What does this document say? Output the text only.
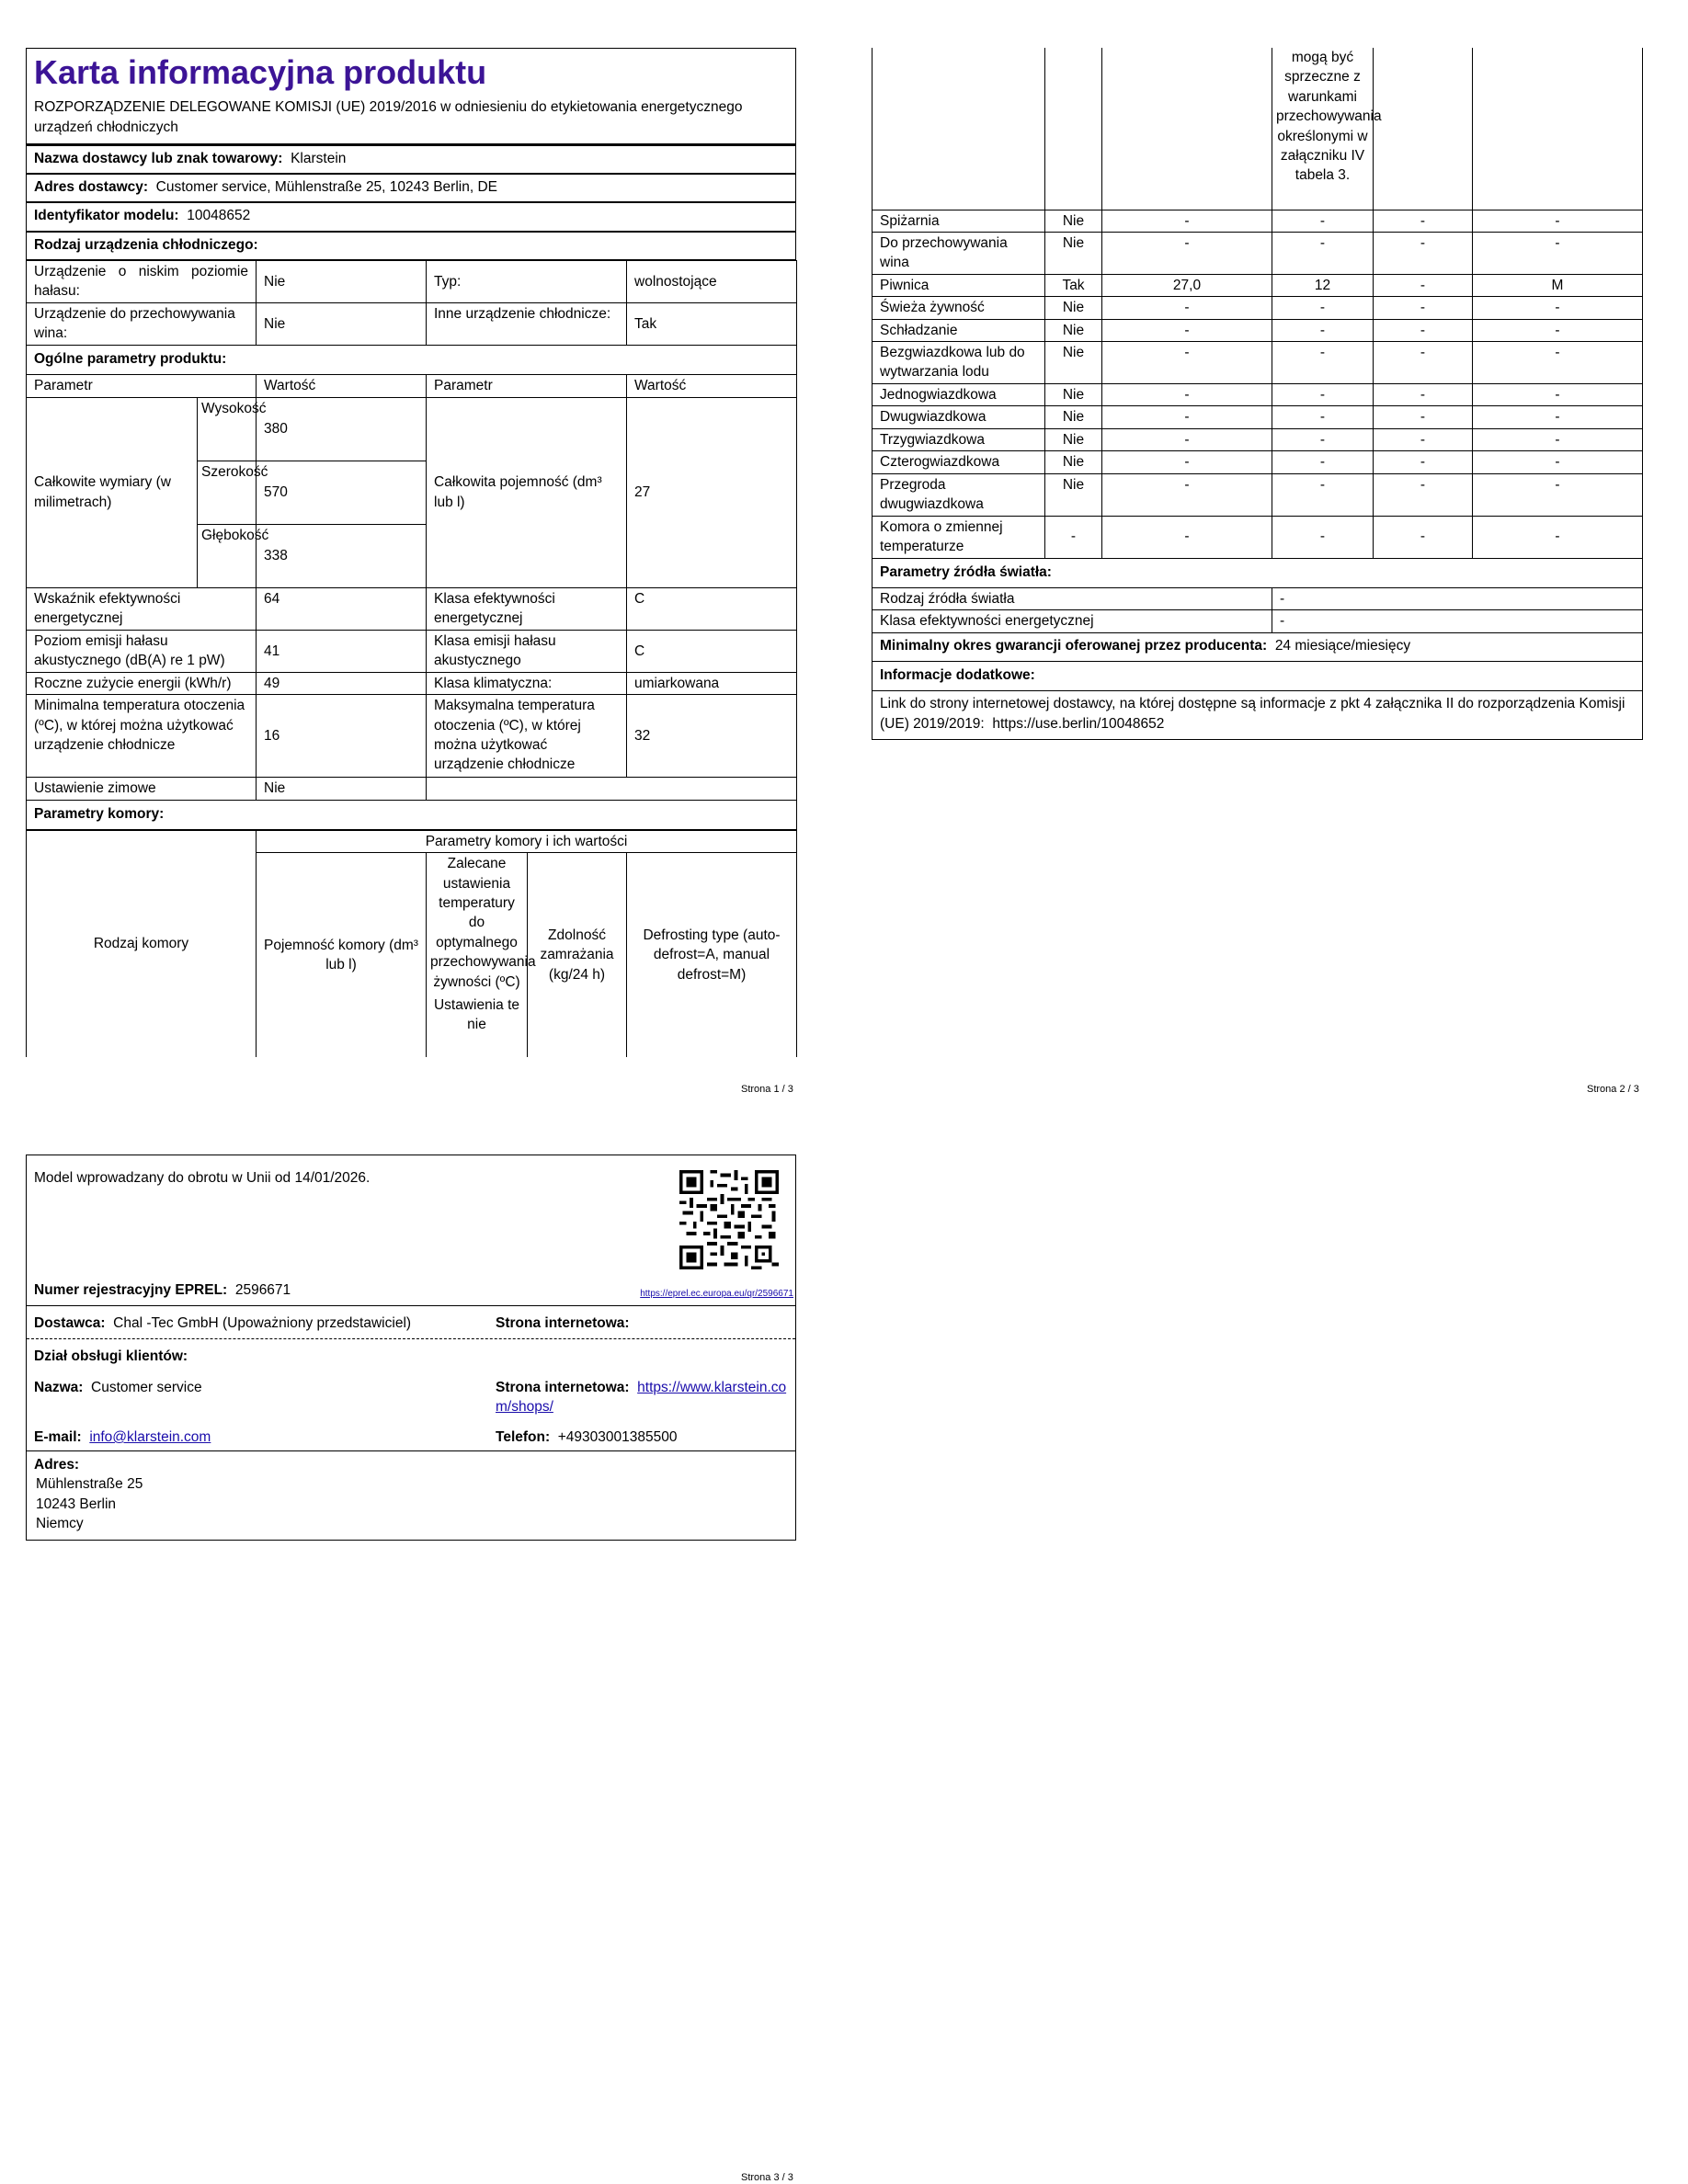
Karta informacyjna produktu
ROZPORZĄDZENIE DELEGOWANE KOMISJI (UE) 2019/2016 w odniesieniu do etykietowania energetycznego urządzeń chłodniczych
Nazwa dostawcy lub znak towarowy: Klarstein
Adres dostawcy: Customer service, Mühlenstraße 25, 10243 Berlin, DE
Identyfikator modelu: 10048652
Rodzaj urządzenia chłodniczego:
Urządzenie o niskim poziomie hałasu:		Nie	Typ:	wolnostojące
Urządzenie do przechowywania wina:		Nie	Inne urządzenie chłodnicze:	Tak
Ogólne parametry produktu:				
Parametr		Wartość	Parametr	Wartość
Całkowite wymiary (w milimetrach)	Wysokość	380	Całkowita pojemność (dm³ lub l)	27
	Szerokość	570		
	Głębokość	338		
Wskaźnik efektywności energetycznej		64	Klasa efektywności energetycznej	C
Poziom emisji hałasu akustycznego (dB(A) re 1 pW)		41	Klasa emisji hałasu akustycznego	C
Roczne zużycie energii (kWh/r)		49	Klasa klimatyczna:	umiarkowana
Minimalna temperatura otoczenia (ºC), w której można użytkować urządzenie chłodnicze		16	Maksymalna temperatura otoczenia (ºC), w której można użytkować urządzenie chłodnicze	32
Ustawienie zimowe		Nie		
Parametry komory:				
Rodzaj komory	Parametry komory i ich wartości			
	Pojemność komory (dm³ lub l)	Zalecane ustawienia temperatury do optymalnego przechowywania żywności (ºC)
Ustawienia te nie	Zdolność zamrażania (kg/24 h)	Defrosting type (auto-defrost=A, manual defrost=M)
Strona 1 / 3
			mogą być sprzeczne z warunkami przechowywania określonymi w załączniku IV tabela 3.		
Spiżarnia	Nie	-	-	-	-
Do przechowywania wina	Nie	-	-	-	-
Piwnica	Tak	27,0	12	-	M
Świeża żywność	Nie	-	-	-	-
Schładzanie	Nie	-	-	-	-
Bezgwiazdkowa lub do wytwarzania lodu	Nie	-	-	-	-
Jednogwiazdkowa	Nie	-	-	-	-
Dwugwiazdkowa	Nie	-	-	-	-
Trzygwiazdkowa	Nie	-	-	-	-
Czterogwiazdkowa	Nie	-	-	-	-
Przegroda dwugwiazdkowa	Nie	-	-	-	-
Komora o zmiennej temperaturze	-	-	-	-	-
Parametry źródła światła:					
Rodzaj źródła światła			-		
Klasa efektywności energetycznej			-		
Minimalny okres gwarancji oferowanej przez producenta: 24 miesiące/miesięcy					
Informacje dodatkowe:					
Link do strony internetowej dostawcy, na której dostępne są informacje z pkt 4 załącznika II do rozporządzenia Komisji (UE) 2019/2019: https://use.berlin/10048652					
Strona 2 / 3
Model wprowadzany do obrotu w Unii od 14/01/2026.
Numer rejestracyjny EPREL: 2596671	https://eprel.ec.europa.eu/qr/2596671
Dostawca: Chal -Tec GmbH (Upoważniony przedstawiciel)	Strona internetowa:
Dział obsługi klientów:
Nazwa: Customer service	Strona internetowa: https://www.klarstein.com/shops/
E-mail: info@klarstein.com	Telefon: +49303001385500
Adres:
Mühlenstraße 25
10243 Berlin
Niemcy
Strona 3 / 3
